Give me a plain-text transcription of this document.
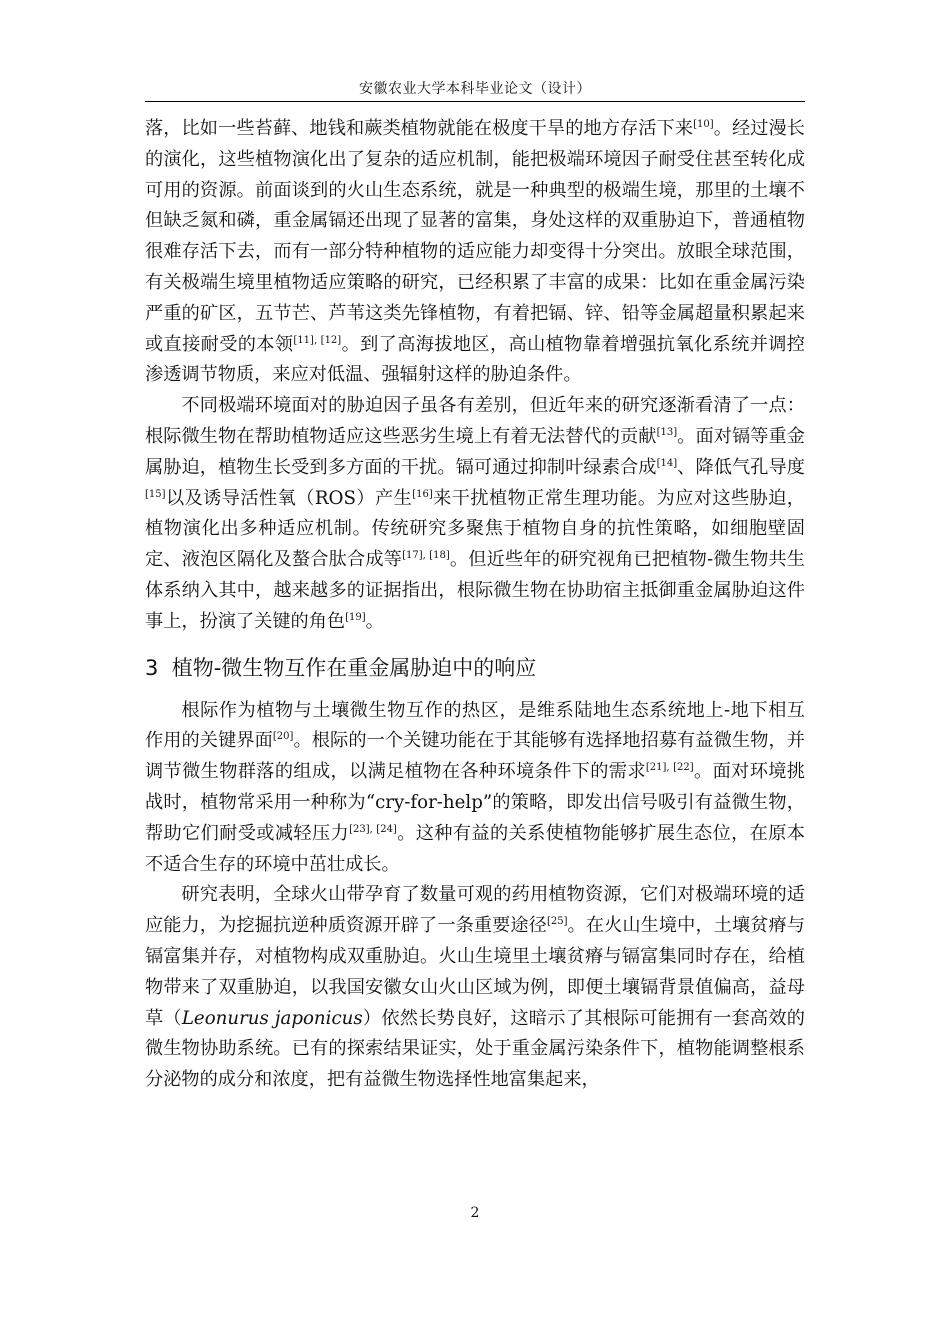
安徽农业大学本科毕业论文（设计）

落，比如一些苔藓、地钱和蕨类植物就能在极度干旱的地方存活下来[10]。经过漫长的演化，这些植物演化出了复杂的适应机制，能把极端环境因子耐受住甚至转化成可用的资源。前面谈到的火山生态系统，就是一种典型的极端生境，那里的土壤不但缺乏氮和磷，重金属镉还出现了显著的富集，身处这样的双重胁迫下，普通植物很难存活下去，而有一部分特种植物的适应能力却变得十分突出。放眼全球范围，有关极端生境里植物适应策略的研究，已经积累了丰富的成果：比如在重金属污染严重的矿区，五节芒、芦苇这类先锋植物，有着把镉、锌、铅等金属超量积累起来或直接耐受的本领[11], [12]。到了高海拔地区，高山植物靠着增强抗氧化系统并调控渗透调节物质，来应对低温、强辐射这样的胁迫条件。

不同极端环境面对的胁迫因子虽各有差别，但近年来的研究逐渐看清了一点：根际微生物在帮助植物适应这些恶劣生境上有着无法替代的贡献[13]。面对镉等重金属胁迫，植物生长受到多方面的干扰。镉可通过抑制叶绿素合成[14]、降低气孔导度[15]以及诱导活性氧（ROS）产生[16]来干扰植物正常生理功能。为应对这些胁迫，植物演化出多种适应机制。传统研究多聚焦于植物自身的抗性策略，如细胞壁固定、液泡区隔化及螯合肽合成等[17], [18]。但近些年的研究视角已把植物-微生物共生体系纳入其中，越来越多的证据指出，根际微生物在协助宿主抵御重金属胁迫这件事上，扮演了关键的角色[19]。

3 植物-微生物互作在重金属胁迫中的响应

根际作为植物与土壤微生物互作的热区，是维系陆地生态系统地上-地下相互作用的关键界面[20]。根际的一个关键功能在于其能够有选择地招募有益微生物，并调节微生物群落的组成，以满足植物在各种环境条件下的需求[21], [22]。面对环境挑战时，植物常采用一种称为“cry-for-help”的策略，即发出信号吸引有益微生物，帮助它们耐受或减轻压力[23], [24]。这种有益的关系使植物能够扩展生态位，在原本不适合生存的环境中茁壮成长。

研究表明，全球火山带孕育了数量可观的药用植物资源，它们对极端环境的适应能力，为挖掘抗逆种质资源开辟了一条重要途径[25]。在火山生境中，土壤贫瘠与镉富集并存，对植物构成双重胁迫。火山生境里土壤贫瘠与镉富集同时存在，给植物带来了双重胁迫，以我国安徽女山火山区域为例，即便土壤镉背景值偏高，益母草（Leonurus japonicus）依然长势良好，这暗示了其根际可能拥有一套高效的微生物协助系统。已有的探索结果证实，处于重金属污染条件下，植物能调整根系分泌物的成分和浓度，把有益微生物选择性地富集起来，

2
